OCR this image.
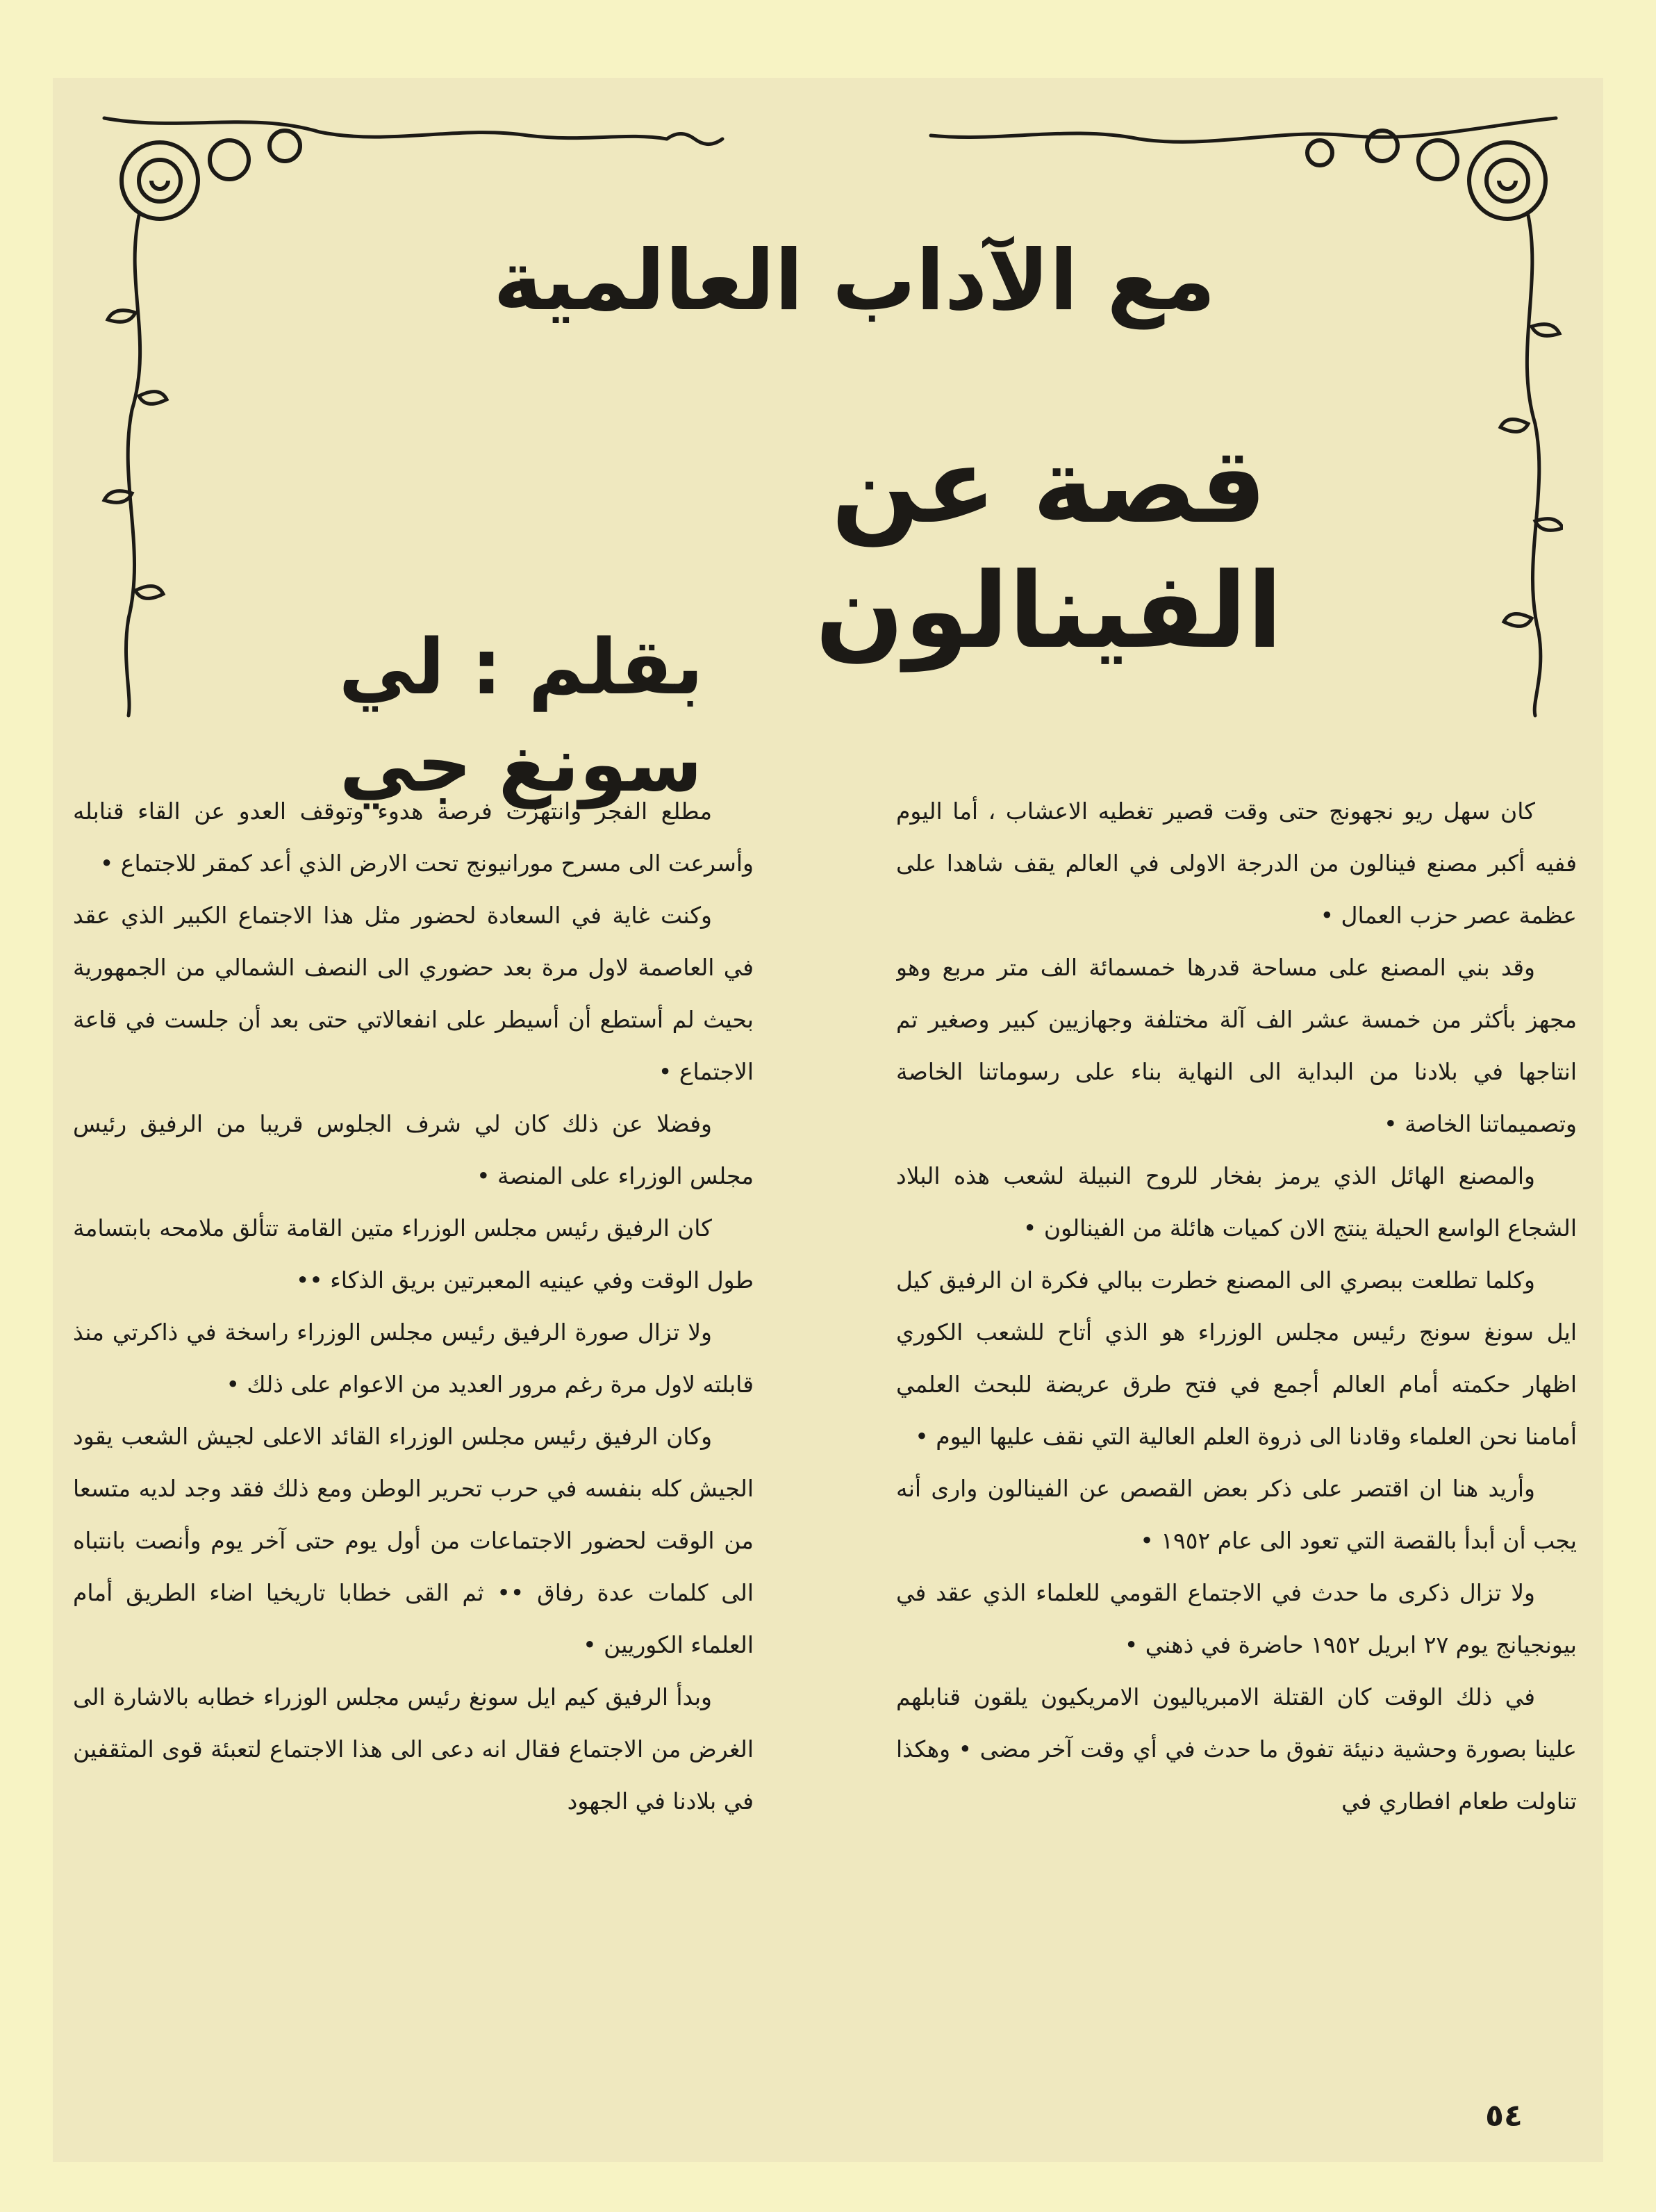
مع الآداب العالمية
قصة عن الفينالون
بقلم : لي سونغ جي

كان سهل ريو نجهونج حتى وقت قصير تغطيه الاعشاب ، أما اليوم ففيه أكبر مصنع فينالون من الدرجة الاولى في العالم يقف شاهدا على عظمة عصر حزب العمال •

وقد بني المصنع على مساحة قدرها خمسمائة الف متر مربع وهو مجهز بأكثر من خمسة عشر الف آلة مختلفة وجهازيين كبير وصغير تم انتاجها في بلادنا من البداية الى النهاية بناء على رسوماتنا الخاصة وتصميماتنا الخاصة •

والمصنع الهائل الذي يرمز بفخار للروح النبيلة لشعب هذه البلاد الشجاع الواسع الحيلة ينتج الان كميات هائلة من الفينالون •

وكلما تطلعت ببصري الى المصنع خطرت ببالي فكرة ان الرفيق كيل ايل سونغ سونج رئيس مجلس الوزراء هو الذي أتاح للشعب الكوري اظهار حكمته أمام العالم أجمع في فتح طرق عريضة للبحث العلمي أمامنا نحن العلماء وقادنا الى ذروة العلم العالية التي نقف عليها اليوم •

وأريد هنا ان اقتصر على ذكر بعض القصص عن الفينالون وارى أنه يجب أن أبدأ بالقصة التي تعود الى عام ١٩٥٢ •

ولا تزال ذكرى ما حدث في الاجتماع القومي للعلماء الذي عقد في بيونجيانج يوم ٢٧ ابريل ١٩٥٢ حاضرة في ذهني •

في ذلك الوقت كان القتلة الامبرياليون الامريكيون يلقون قنابلهم علينا بصورة وحشية دنيئة تفوق ما حدث في أي وقت آخر مضى • وهكذا تناولت طعام افطاري في

مطلع الفجر وانتهزت فرصة هدوء وتوقف العدو عن القاء قنابله وأسرعت الى مسرح مورانيونج تحت الارض الذي أعد كمقر للاجتماع •

وكنت غاية في السعادة لحضور مثل هذا الاجتماع الكبير الذي عقد في العاصمة لاول مرة بعد حضوري الى النصف الشمالي من الجمهورية بحيث لم أستطع أن أسيطر على انفعالاتي حتى بعد أن جلست في قاعة الاجتماع •

وفضلا عن ذلك كان لي شرف الجلوس قريبا من الرفيق رئيس مجلس الوزراء على المنصة •

كان الرفيق رئيس مجلس الوزراء متين القامة تتألق ملامحه بابتسامة طول الوقت وفي عينيه المعبرتين بريق الذكاء ••

ولا تزال صورة الرفيق رئيس مجلس الوزراء راسخة في ذاكرتي منذ قابلته لاول مرة رغم مرور العديد من الاعوام على ذلك •

وكان الرفيق رئيس مجلس الوزراء القائد الاعلى لجيش الشعب يقود الجيش كله بنفسه في حرب تحرير الوطن ومع ذلك فقد وجد لديه متسعا من الوقت لحضور الاجتماعات من أول يوم حتى آخر يوم وأنصت بانتباه الى كلمات عدة رفاق •• ثم القى خطابا تاريخيا اضاء الطريق أمام العلماء الكوريين •

وبدأ الرفيق كيم ايل سونغ رئيس مجلس الوزراء خطابه بالاشارة الى الغرض من الاجتماع فقال انه دعى الى هذا الاجتماع لتعبئة قوى المثقفين في بلادنا في الجهود

٥٤
